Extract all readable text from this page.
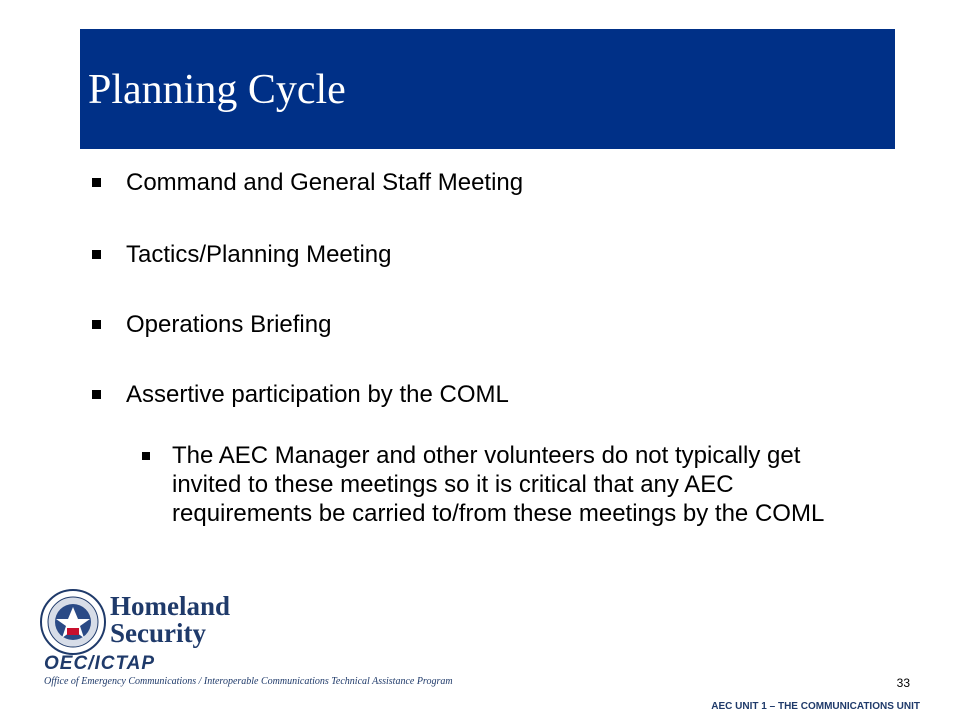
Planning Cycle
Command and General Staff Meeting
Tactics/Planning Meeting
Operations Briefing
Assertive participation by the COML
The AEC Manager and other volunteers do not typically get invited to these meetings so it is critical that any AEC requirements be carried to/from these meetings by the COML
Homeland
Security
OEC/ICTAP
Office of Emergency Communications / Interoperable Communications Technical Assistance Program	33
AEC UNIT 1 – THE COMMUNICATIONS UNIT
